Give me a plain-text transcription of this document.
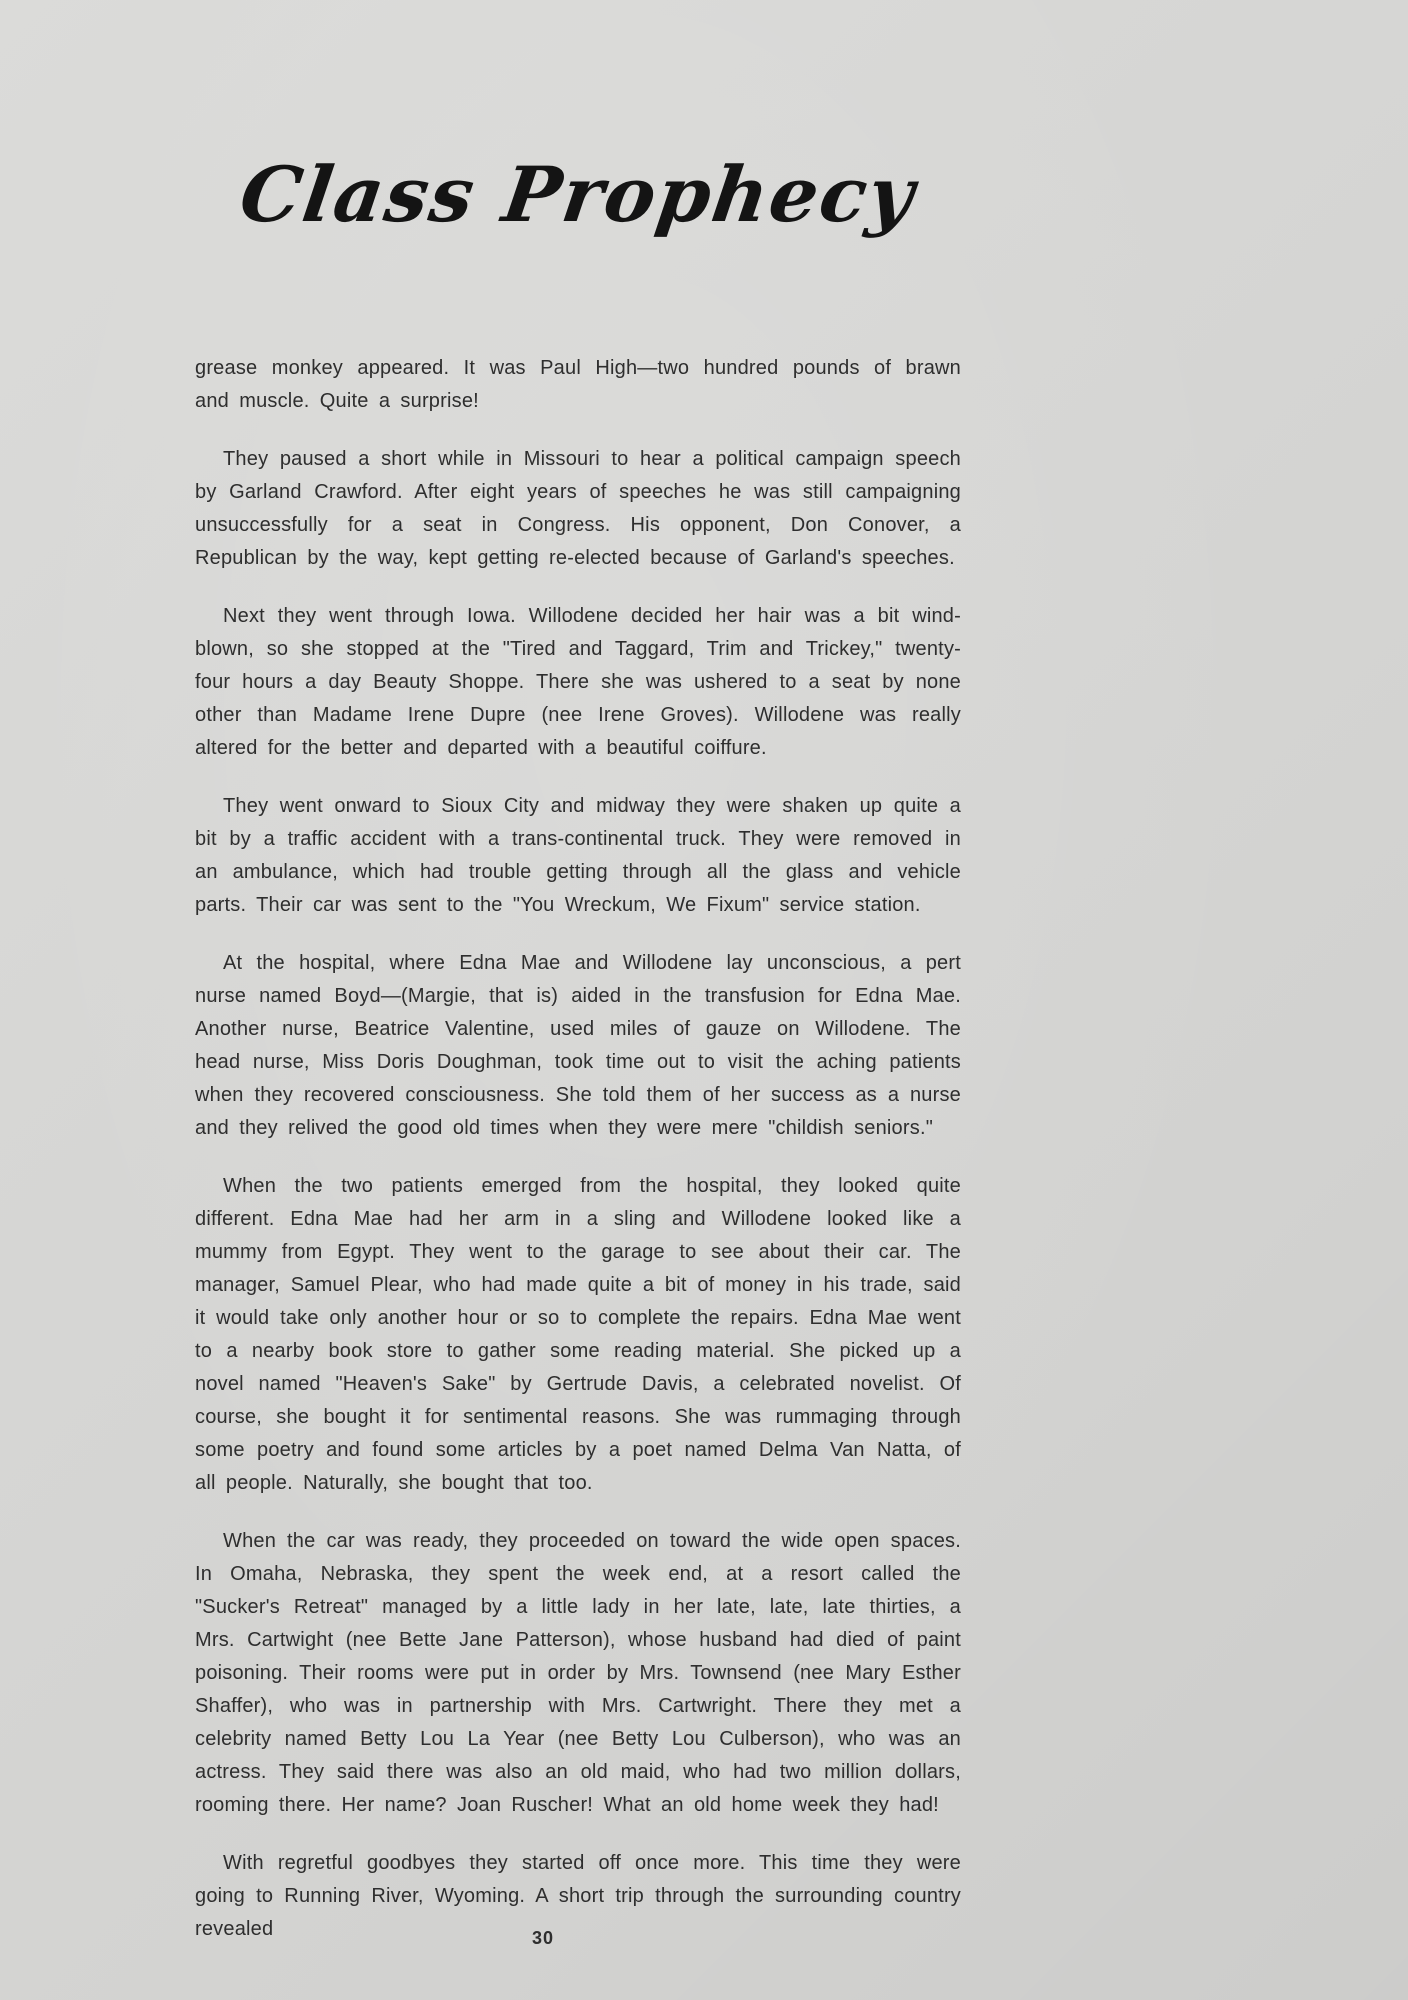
Class Prophecy

grease monkey appeared. It was Paul High—two hundred pounds of brawn and muscle. Quite a surprise!

They paused a short while in Missouri to hear a political campaign speech by Garland Crawford. After eight years of speeches he was still campaigning unsuccessfully for a seat in Congress. His opponent, Don Conover, a Republican by the way, kept getting re-elected because of Garland's speeches.

Next they went through Iowa. Willodene decided her hair was a bit wind-blown, so she stopped at the "Tired and Taggard, Trim and Trickey," twenty-four hours a day Beauty Shoppe. There she was ushered to a seat by none other than Madame Irene Dupre (nee Irene Groves). Willodene was really altered for the better and departed with a beautiful coiffure.

They went onward to Sioux City and midway they were shaken up quite a bit by a traffic accident with a trans-continental truck. They were removed in an ambulance, which had trouble getting through all the glass and vehicle parts. Their car was sent to the "You Wreckum, We Fixum" service station.

At the hospital, where Edna Mae and Willodene lay unconscious, a pert nurse named Boyd—(Margie, that is) aided in the transfusion for Edna Mae. Another nurse, Beatrice Valentine, used miles of gauze on Willodene. The head nurse, Miss Doris Doughman, took time out to visit the aching patients when they recovered consciousness. She told them of her success as a nurse and they relived the good old times when they were mere "childish seniors."

When the two patients emerged from the hospital, they looked quite different. Edna Mae had her arm in a sling and Willodene looked like a mummy from Egypt. They went to the garage to see about their car. The manager, Samuel Plear, who had made quite a bit of money in his trade, said it would take only another hour or so to complete the repairs. Edna Mae went to a nearby book store to gather some reading material. She picked up a novel named "Heaven's Sake" by Gertrude Davis, a celebrated novelist. Of course, she bought it for sentimental reasons. She was rummaging through some poetry and found some articles by a poet named Delma Van Natta, of all people. Naturally, she bought that too.

When the car was ready, they proceeded on toward the wide open spaces. In Omaha, Nebraska, they spent the week end, at a resort called the "Sucker's Retreat" managed by a little lady in her late, late, late thirties, a Mrs. Cartwight (nee Bette Jane Patterson), whose husband had died of paint poisoning. Their rooms were put in order by Mrs. Townsend (nee Mary Esther Shaffer), who was in partnership with Mrs. Cartwright. There they met a celebrity named Betty Lou La Year (nee Betty Lou Culberson), who was an actress. They said there was also an old maid, who had two million dollars, rooming there. Her name? Joan Ruscher! What an old home week they had!

With regretful goodbyes they started off once more. This time they were going to Running River, Wyoming. A short trip through the surrounding country revealed	30
